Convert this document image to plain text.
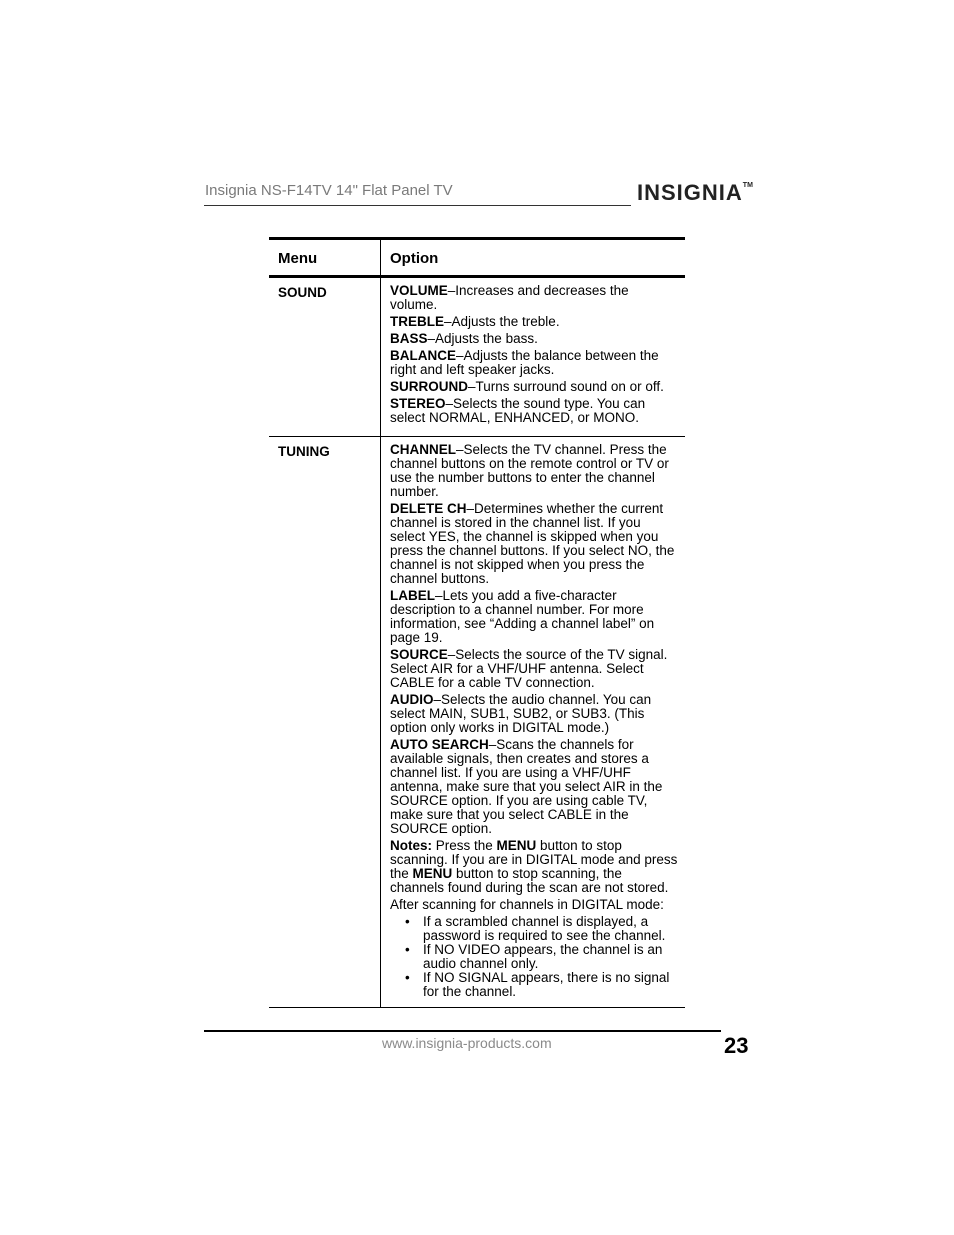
Insignia NS-F14TV 14" Flat Panel TV	INSIGNIA™
Menu	Option
SOUND	VOLUME–Increases and decreases the volume.

TREBLE–Adjusts the treble.

BASS–Adjusts the bass.

BALANCE–Adjusts the balance between the right and left speaker jacks.

SURROUND–Turns surround sound on or off.

STEREO–Selects the sound type. You can select NORMAL, ENHANCED, or MONO.

TUNING	CHANNEL–Selects the TV channel. Press the channel buttons on the remote control or TV or use the number buttons to enter the channel number.

DELETE CH–Determines whether the current channel is stored in the channel list. If you select YES, the channel is skipped when you press the channel buttons. If you select NO, the channel is not skipped when you press the channel buttons.

LABEL–Lets you add a five-character description to a channel number. For more information, see “Adding a channel label” on page 19.

SOURCE–Selects the source of the TV signal. Select AIR for a VHF/UHF antenna. Select CABLE for a cable TV connection.

AUDIO–Selects the audio channel. You can select MAIN, SUB1, SUB2, or SUB3. (This option only works in DIGITAL mode.)

AUTO SEARCH–Scans the channels for available signals, then creates and stores a channel list. If you are using a VHF/UHF antenna, make sure that you select AIR in the SOURCE option. If you are using cable TV, make sure that you select CABLE in the SOURCE option.

Notes: Press the MENU button to stop scanning. If you are in DIGITAL mode and press the MENU button to stop scanning, the channels found during the scan are not stored.

After scanning for channels in DIGITAL mode:

• If a scrambled channel is displayed, a password is required to see the channel.
• If NO VIDEO appears, the channel is an audio channel only.
• If NO SIGNAL appears, there is no signal for the channel.
www.insignia-products.com	23
